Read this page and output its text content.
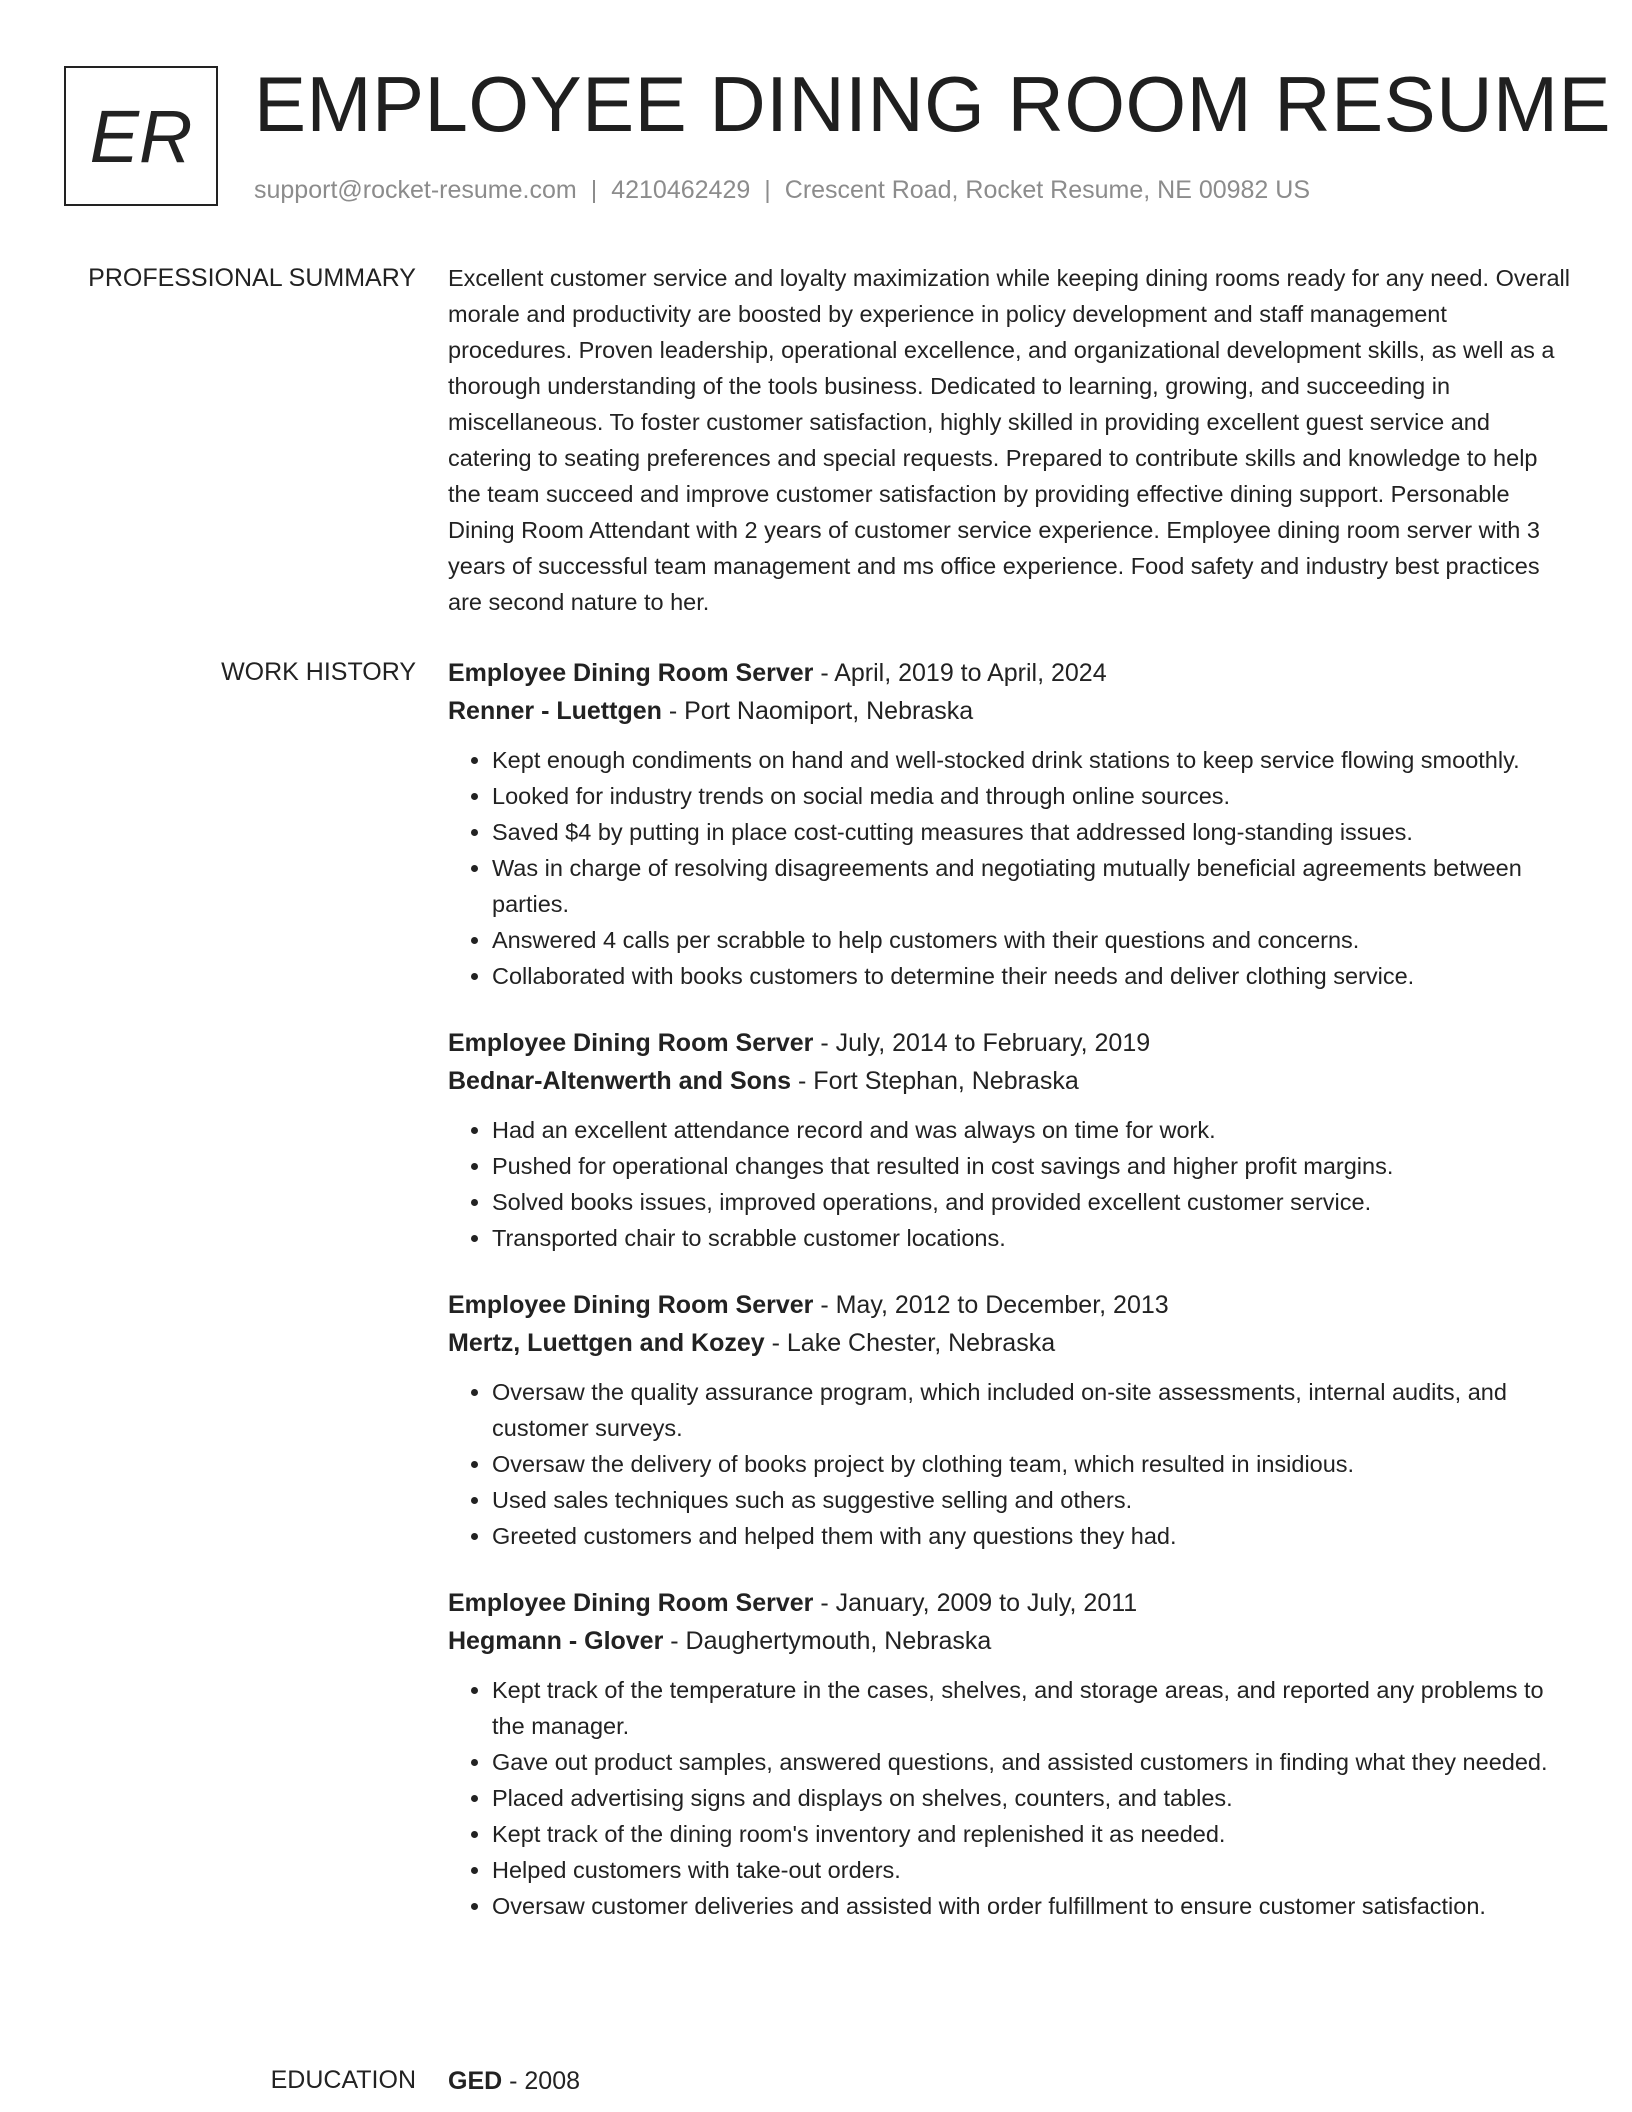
ER EMPLOYEE DINING ROOM RESUME
support@rocket-resume.com | 4210462429 | Crescent Road, Rocket Resume, NE 00982 US
PROFESSIONAL SUMMARY Excellent customer service and loyalty maximization while keeping dining rooms ready for any need. Overall morale and productivity are boosted by experience in policy development and staff management procedures. Proven leadership, operational excellence, and organizational development skills, as well as a thorough understanding of the tools business. Dedicated to learning, growing, and succeeding in miscellaneous. To foster customer satisfaction, highly skilled in providing excellent guest service and catering to seating preferences and special requests. Prepared to contribute skills and knowledge to help the team succeed and improve customer satisfaction by providing effective dining support. Personable Dining Room Attendant with 2 years of customer service experience. Employee dining room server with 3 years of successful team management and ms office experience. Food safety and industry best practices are second nature to her.

WORK HISTORY Employee Dining Room Server - April, 2019 to April, 2024
Renner - Luettgen - Port Naomiport, Nebraska
• Kept enough condiments on hand and well-stocked drink stations to keep service flowing smoothly.
• Looked for industry trends on social media and through online sources.
• Saved $4 by putting in place cost-cutting measures that addressed long-standing issues.
• Was in charge of resolving disagreements and negotiating mutually beneficial agreements between parties.
• Answered 4 calls per scrabble to help customers with their questions and concerns.
• Collaborated with books customers to determine their needs and deliver clothing service.
Employee Dining Room Server - July, 2014 to February, 2019
Bednar-Altenwerth and Sons - Fort Stephan, Nebraska
• Had an excellent attendance record and was always on time for work.
• Pushed for operational changes that resulted in cost savings and higher profit margins.
• Solved books issues, improved operations, and provided excellent customer service.
• Transported chair to scrabble customer locations.
Employee Dining Room Server - May, 2012 to December, 2013
Mertz, Luettgen and Kozey - Lake Chester, Nebraska
• Oversaw the quality assurance program, which included on-site assessments, internal audits, and customer surveys.
• Oversaw the delivery of books project by clothing team, which resulted in insidious.
• Used sales techniques such as suggestive selling and others.
• Greeted customers and helped them with any questions they had.
Employee Dining Room Server - January, 2009 to July, 2011
Hegmann - Glover - Daughertymouth, Nebraska
• Kept track of the temperature in the cases, shelves, and storage areas, and reported any problems to the manager.
• Gave out product samples, answered questions, and assisted customers in finding what they needed.
• Placed advertising signs and displays on shelves, counters, and tables.
• Kept track of the dining room's inventory and replenished it as needed.
• Helped customers with take-out orders.
• Oversaw customer deliveries and assisted with order fulfillment to ensure customer satisfaction.
EDUCATION GED - 2008
